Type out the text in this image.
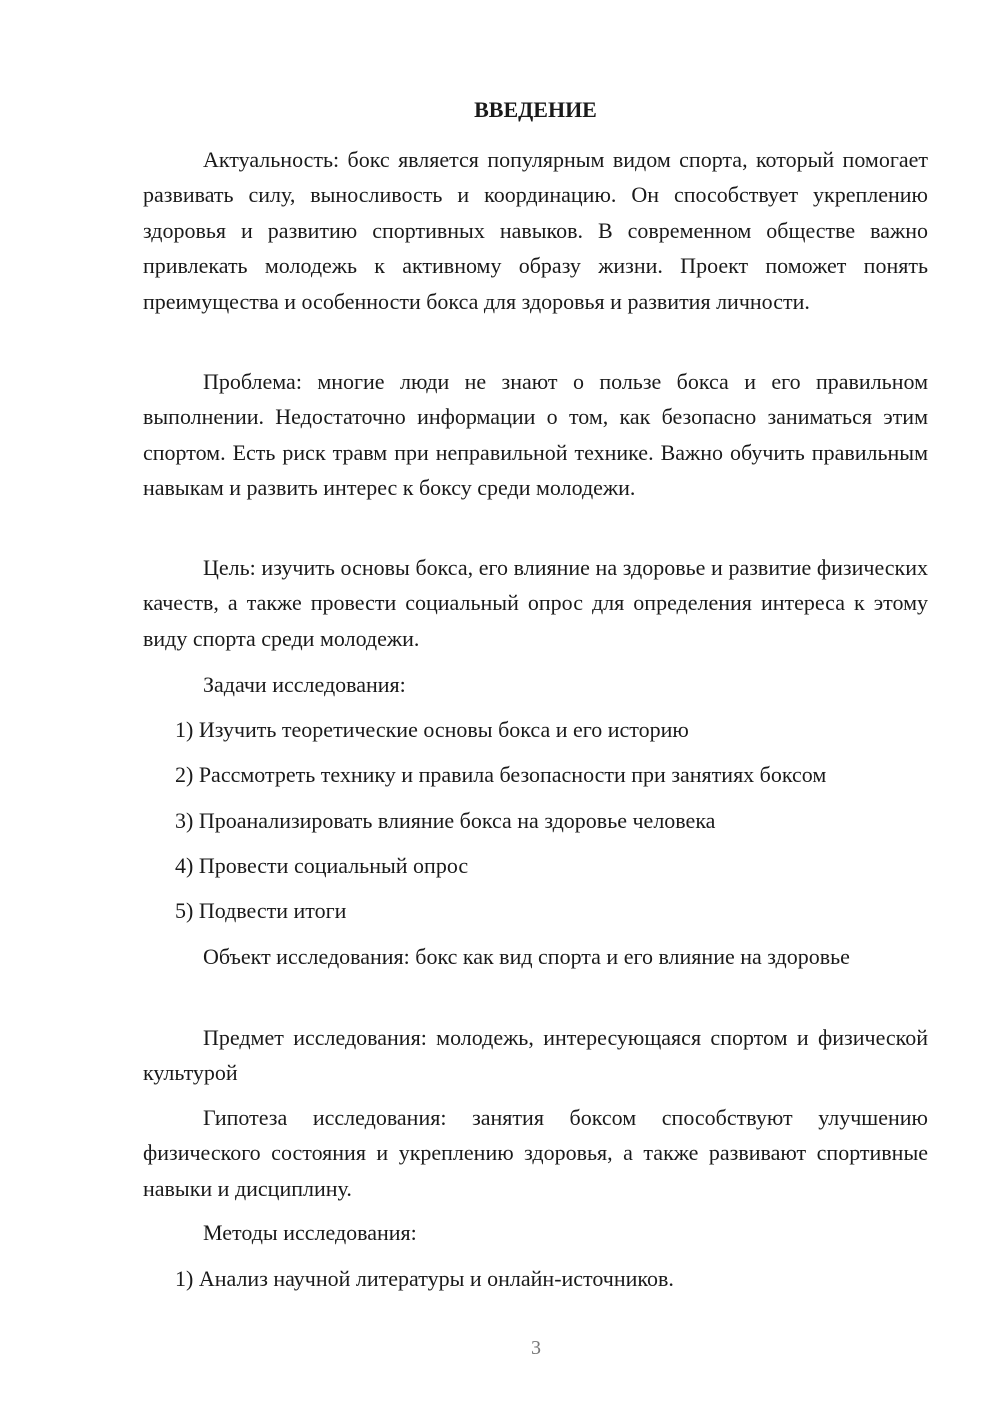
ВВЕДЕНИЕ

Актуальность: бокс является популярным видом спорта, который помогает развивать силу, выносливость и координацию. Он способствует укреплению здоровья и развитию спортивных навыков. В современном обществе важно привлекать молодежь к активному образу жизни. Проект поможет понять преимущества и особенности бокса для здоровья и развития личности.

Проблема: многие люди не знают о пользе бокса и его правильном выполнении. Недостаточно информации о том, как безопасно заниматься этим спортом. Есть риск травм при неправильной технике. Важно обучить правильным навыкам и развить интерес к боксу среди молодежи.

Цель: изучить основы бокса, его влияние на здоровье и развитие физических качеств, а также провести социальный опрос для определения интереса к этому виду спорта среди молодежи.

Задачи исследования:

1) Изучить теоретические основы бокса и его историю

2) Рассмотреть технику и правила безопасности при занятиях боксом

3) Проанализировать влияние бокса на здоровье человека

4) Провести социальный опрос

5) Подвести итоги

Объект исследования: бокс как вид спорта и его влияние на здоровье

Предмет исследования: молодежь, интересующаяся спортом и физической культурой

Гипотеза исследования: занятия боксом способствуют улучшению физического состояния и укреплению здоровья, а также развивают спортивные навыки и дисциплину.

Методы исследования:

1) Анализ научной литературы и онлайн-источников.

3
